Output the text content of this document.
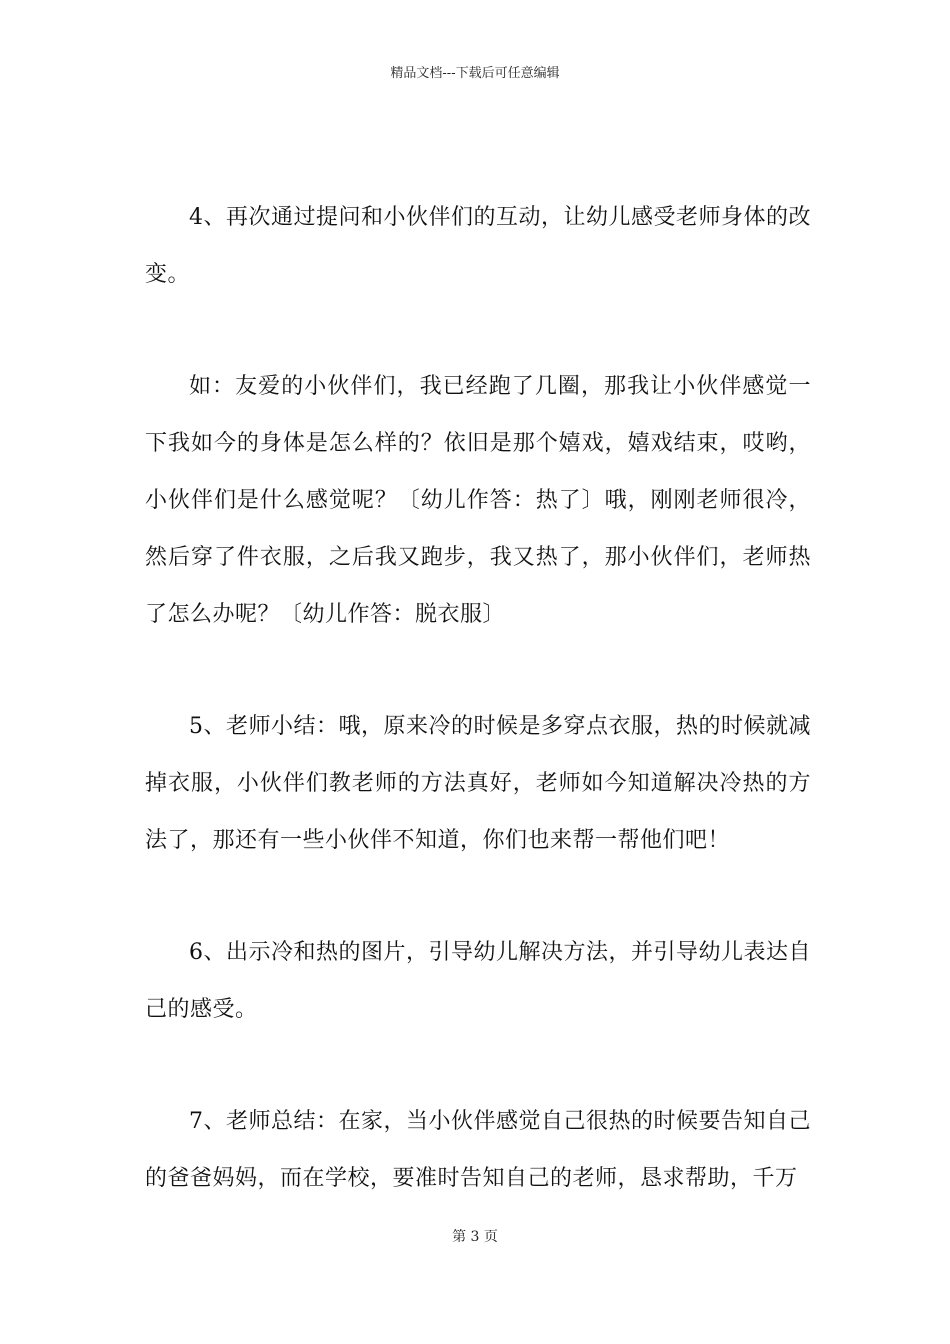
精品文档---下载后可任意编辑

4、再次通过提问和小伙伴们的互动，让幼儿感受老师身体的改变。

如：友爱的小伙伴们，我已经跑了几圈，那我让小伙伴感觉一下我如今的身体是怎么样的？依旧是那个嬉戏，嬉戏结束，哎哟，小伙伴们是什么感觉呢？〔幼儿作答：热了〕哦，刚刚老师很冷，然后穿了件衣服，之后我又跑步，我又热了，那小伙伴们，老师热了怎么办呢？〔幼儿作答：脱衣服〕

5、老师小结：哦，原来冷的时候是多穿点衣服，热的时候就减掉衣服，小伙伴们教老师的方法真好，老师如今知道解决冷热的方法了，那还有一些小伙伴不知道，你们也来帮一帮他们吧！

6、出示冷和热的图片，引导幼儿解决方法，并引导幼儿表达自己的感受。

7、老师总结：在家，当小伙伴感觉自己很热的时候要告知自己的爸爸妈妈，而在学校，要准时告知自己的老师，恳求帮助，千万

第 3 页
